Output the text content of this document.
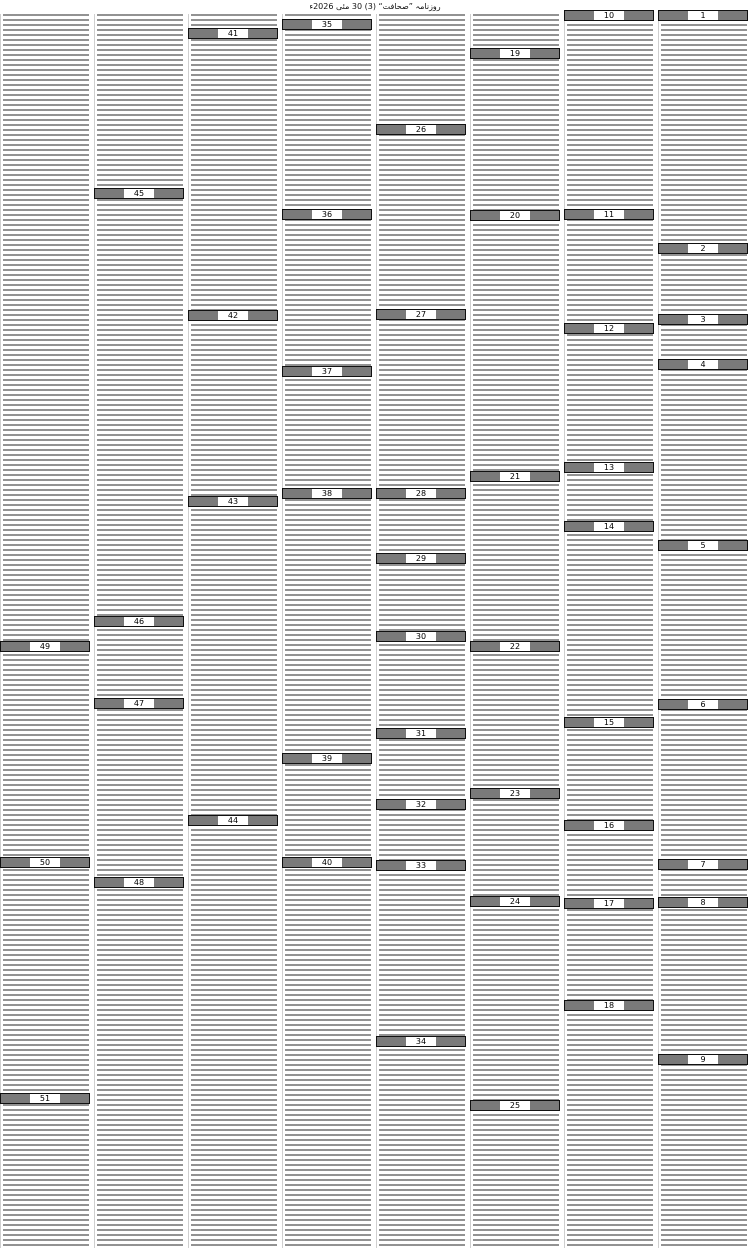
روزنامہ ”صحافت“ (3) 30 مئی 2026ء
1
2
3
4
5
6
7
8
9
10
11
12
13
14
15
16
17
18
19
20
21
22
23
24
25
26
27
28
29
30
31
32
33
34
35
36
37
38
39
40
41
42
43
44
45
46
47
48
49
50
51
